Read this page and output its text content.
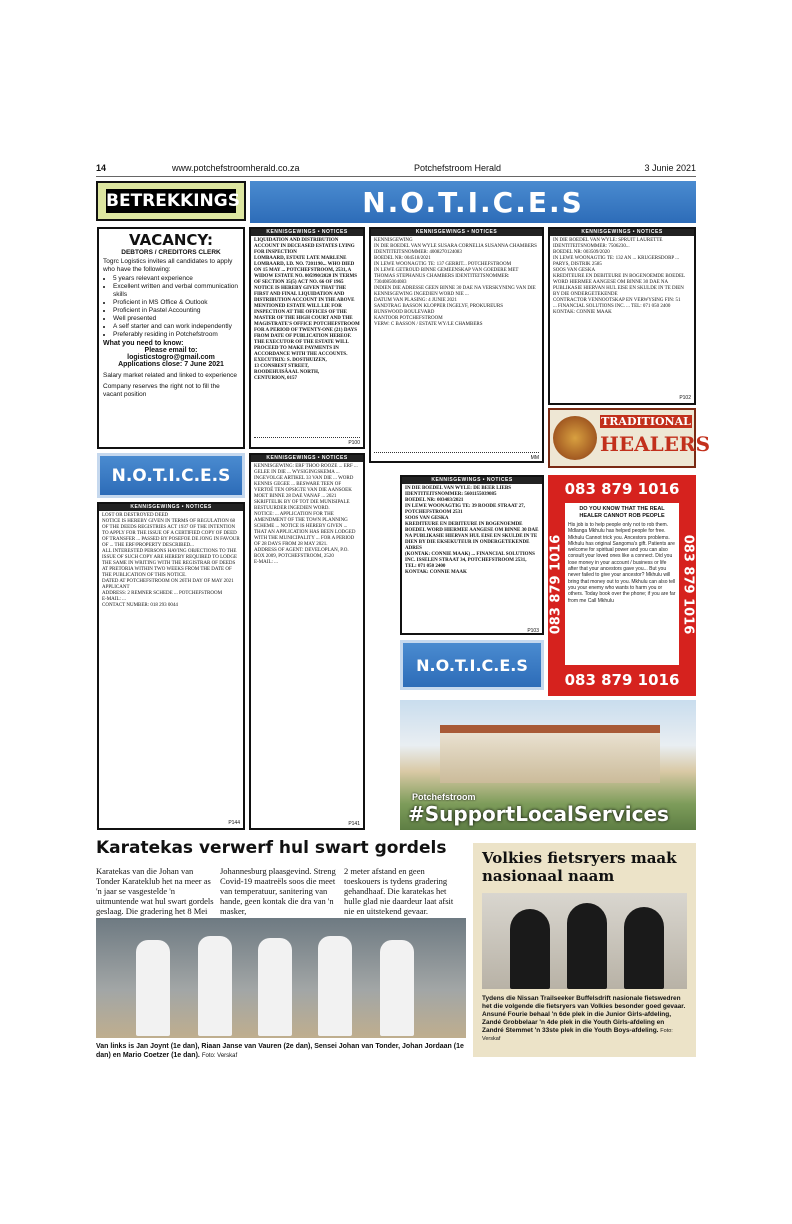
14	www.potchefstroomherald.co.za	Potchefstroom Herald	3 Junie 2021
BETREKKINGS	N.O.T.I.C.E.S
VACANCY:
DEBTORS / CREDITORS CLERK
Togrc Logistics invites all candidates to apply who have the following:
• 5 years relevant experience
• Excellent written and verbal communication skills
• Proficient in MS Office & Outlook
• Proficient in Pastel Accounting
• Well presented
• A self starter and can work independently
• Preferably residing in Potchefstroom
What you need to know:
Please email to:
logisticstogro@gmail.com
Applications close: 7 June 2021
Salary market related and linked to experience
Company reserves the right not to fill the vacant position
KENNISGEWINGS • NOTICES
LIQUIDATION AND DISTRIBUTION ACCOUNT IN DECEASED ESTATES LYING FOR INSPECTION
LOMBAARD, ESTATE LATE MARLENE LOMBAARD, I.D. NO. 7201190... WHO DIED ON 15 MAY ... POTCHEFSTROOM, 2531, A WIDOW ESTATE NO. 005990/2020 IN TERMS OF SECTION 35(5) ACT NO. 66 OF 1965 NOTICE IS HEREBY GIVEN THAT THE FIRST AND FINAL LIQUIDATION AND DISTRIBUTION ACCOUNT IN THE ABOVE MENTIONED ESTATE WILL LIE FOR INSPECTION AT THE OFFICES OF THE MASTER OF THE HIGH COURT AND THE MAGISTRATE'S OFFICE POTCHEFSTROOM FOR A PERIOD OF TWENTY-ONE (21) DAYS FROM DATE OF PUBLICATION HEREOF.
THE EXECUTOR OF THE ESTATE WILL PROCEED TO MAKE PAYMENTS IN ACCORDANCE WITH THE ACCOUNTS.
EXECUTRIX: S. DOSTHUIZEN,
13 CONSBEST STREET,
ROODEHUISÂAAL NORTH,
CENTURION, 0157
P100
KENNISGEWINGS • NOTICES
KENNISGEWING
IN DIE BOEDEL VAN WYLE SUSARA CORNELIA SUSANNA CHAMBERS
IDENTITEITSNOMMER: 4008270124083
BOEDEL NR: 004518/2021
IN LEWE WOONAGTIG TE: 137 GERRIT... POTCHEFSTROOM
IN LEWE GETROUD BINNE GEMEENSKAP VAN GOEDERE MET THOMAS STEPHANUS CHAMBERS IDENTITEITSNOMMER: 7304085004083
INDIEN DIE ADRESSE GEEN BINNE 30 DAE NA VERSKYNING VAN DIE KENNISGEWING INGEDIEN WORD NIE ...
DATUM VAN PLASING: 4 JUNIE 2021
SANDTRAG BASSON KLOPPER INGELYF, PROKUREURS
BUNSWOOD BOULEVARD
KANTOOR POTCHEFSTROOM
VERW: C BASSON / ESTATE WY/LE CHAMBERS
MM
KENNISGEWINGS • NOTICES
IN DIE BOEDEL VAN WYLE: SPRUIT LAURETTE
IDENTITEITSNOMMER: 7506230...
BOEDEL NR: 003509/2020
IN LEWE WOONAGTIG TE: 132 AN ... KRUGERSDORP ... PARYS, DISTRIK 2585
SOOS VAN GESKA
KREDITEURE EN DEBITEURE IN BOGENOEMDE BOEDEL WORD HIERMEE AANGESE OM BINNE 30 DAE NA PUBLIKASIE HIERVAN HUL EISE EN SKULDE IN TE DIEN BY DIE ONDERGETEKENDE
CONTRACTOR VENNOOTSKAP EN VERWYSING FIN: 51
... FINANCIAL SOLUTIONS INC. ... TEL: 071 050 2400
KONTAK: CONNIE MAAK
P102
TRADITIONAL
HEALERS
N.O.T.I.C.E.S
KENNISGEWINGS • NOTICES
LOST OR DESTROYED DEED
NOTICE IS HEREBY GIVEN IN TERMS OF REGULATION 68 OF THE DEEDS REGISTRIES ACT 1937 OF THE INTENTION TO APPLY FOR THE ISSUE OF A CERTIFIED COPY OF DEED OF TRANSFER ... PASSED BY POSEFOE DE JONG IN FAVOUR OF ... THE ERF/PROPERTY DESCRIBED...
ALL INTERESTED PERSONS HAVING OBJECTIONS TO THE ISSUE OF SUCH COPY ARE HEREBY REQUIRED TO LODGE THE SAME IN WRITING WITH THE REGISTRAR OF DEEDS AT PRETORIA WITHIN TWO WEEKS FROM THE DATE OF THE PUBLICATION OF THIS NOTICE.
DATED AT POTCHEFSTROOM ON 26TH DAY OF MAY 2021
APPLICANT
ADDRESS: 2 REMNER SCHEDE ... POTCHEFSTROOM
E-MAIL: ...
CONTACT NUMBER: 018 293 0044
P144
KENNISGEWINGS • NOTICES
KENNISGEWING: ERF THOO ROOZE ... ERF ... GELEE IN DIE ... WYSIGINGSKEMA ...
INGEVOLGE ARTIKEL 33 VAN DIE ... WORD KENNIS GEGEE ... BESWARE TEEN OF VERTOË TEN OPSIGTE VAN DIE AANSOEK MOET BINNE 28 DAE VANAF ... 2021 SKRIFTELIK BY OF TOT DIE MUNISIPALE BESTUURDER INGEDIEN WORD.
NOTICE: ... APPLICATION FOR THE AMENDMENT OF THE TOWN PLANNING SCHEME ... NOTICE IS HEREBY GIVEN ... THAT AN APPLICATION HAS BEEN LODGED WITH THE MUNICIPALITY ... FOR A PERIOD OF 28 DAYS FROM 28 MAY 2021.
ADDRESS OF AGENT: DEVELOPLAN, P.O. BOX 2009, POTCHEFSTROOM, 2520
E-MAIL: ...
P141
KENNISGEWINGS • NOTICES
IN DIE BOEDEL VAN WYLE: DE BEER LIEBS
IDENTITEITSNOMMER: 5601155039085
BOEDEL NR: 003483/2021
IN LEWE WOONAGTIG TE: 39 ROODE STRAAT 27, POTCHEFSTROOM 2531
SOOS VAN GESKA
KREDITEURE EN DEBITEURE IN BOGENOEMDE BOEDEL WORD HIERMEE AANGESE OM BINNE 30 DAE NA PUBLIKASIE HIERVAN HUL EISE EN SKULDE IN TE DIEN BY DIE EKSEKUTEUR IN ONDERGETEKENDE ADRES
(KONTAK: CONNIE MAAK) ... FINANCIAL SOLUTIONS INC. ISSELEN STRAAT 34, POTCHEFSTROOM 2531, TEL: 071 050 2400
KONTAK: CONNIE MAAK
P103
N.O.T.I.C.E.S
083 879 1016
083 879 1016	083 879 1016
DO YOU KNOW THAT THE REAL HEALER CANNOT ROB PEOPLE
His job is to help people only not to rob them. Mdlanga Mkhulu has helped people for free. Mkhulu Cannot trick you. Ancestors problems. Mkhulu has original Sangoma's gift. Patients are welcome for spiritual power and you can also consult your loved ones like a connect. Did you lose money in your account / business or life after that your ancestors gave you... But you never failed to give your ancestor? Mkhulu will bring that money out to you. Mkhulu can also tell you your enemy who wants to harm you or others. Today book over the phone; if you are far from me Call Mkhulu
083 879 1016
Potchefstroom
#SupportLocalServices
Karatekas verwerf hul swart gordels
Karatekas van die Johan van Tonder Karateklub het na meer as 'n jaar se vasgestelde 'n uitmuntende wat hul swart gordels geslaag. Die gradering het 8 Mei
Johannesburg plaasgevind. Streng Covid-19 maatreëls soos die meet van temperatuur, sanitering van hande, geen kontak die dra van 'n masker,
2 meter afstand en geen toeskouers is tydens gradering gehandhaaf. Die karatekas het hulle glad nie daardeur laat afsit nie en uitstekend gevaar.
Van links is Jan Joynt (1e dan), Riaan Janse van Vauren (2e dan), Sensei Johan van Tonder, Johan Jordaan (1e dan) en Mario Coetzer (1e dan). Foto: Verskaf
Volkies fietsryers maak nasionaal naam
Tydens die Nissan Trailseeker Buffelsdrift nasionale fietswedren het die volgende die fietsryers van Volkies besonder goed gevaar. Ansuné Fourie behaal 'n 6de plek in die Junior Girls-afdeling, Zandé Grobbelaar 'n 4de plek in die Youth Girls-afdeling en Zandré Stemmet 'n 33ste plek in die Youth Boys-afdeling. Foto: Verskaf
